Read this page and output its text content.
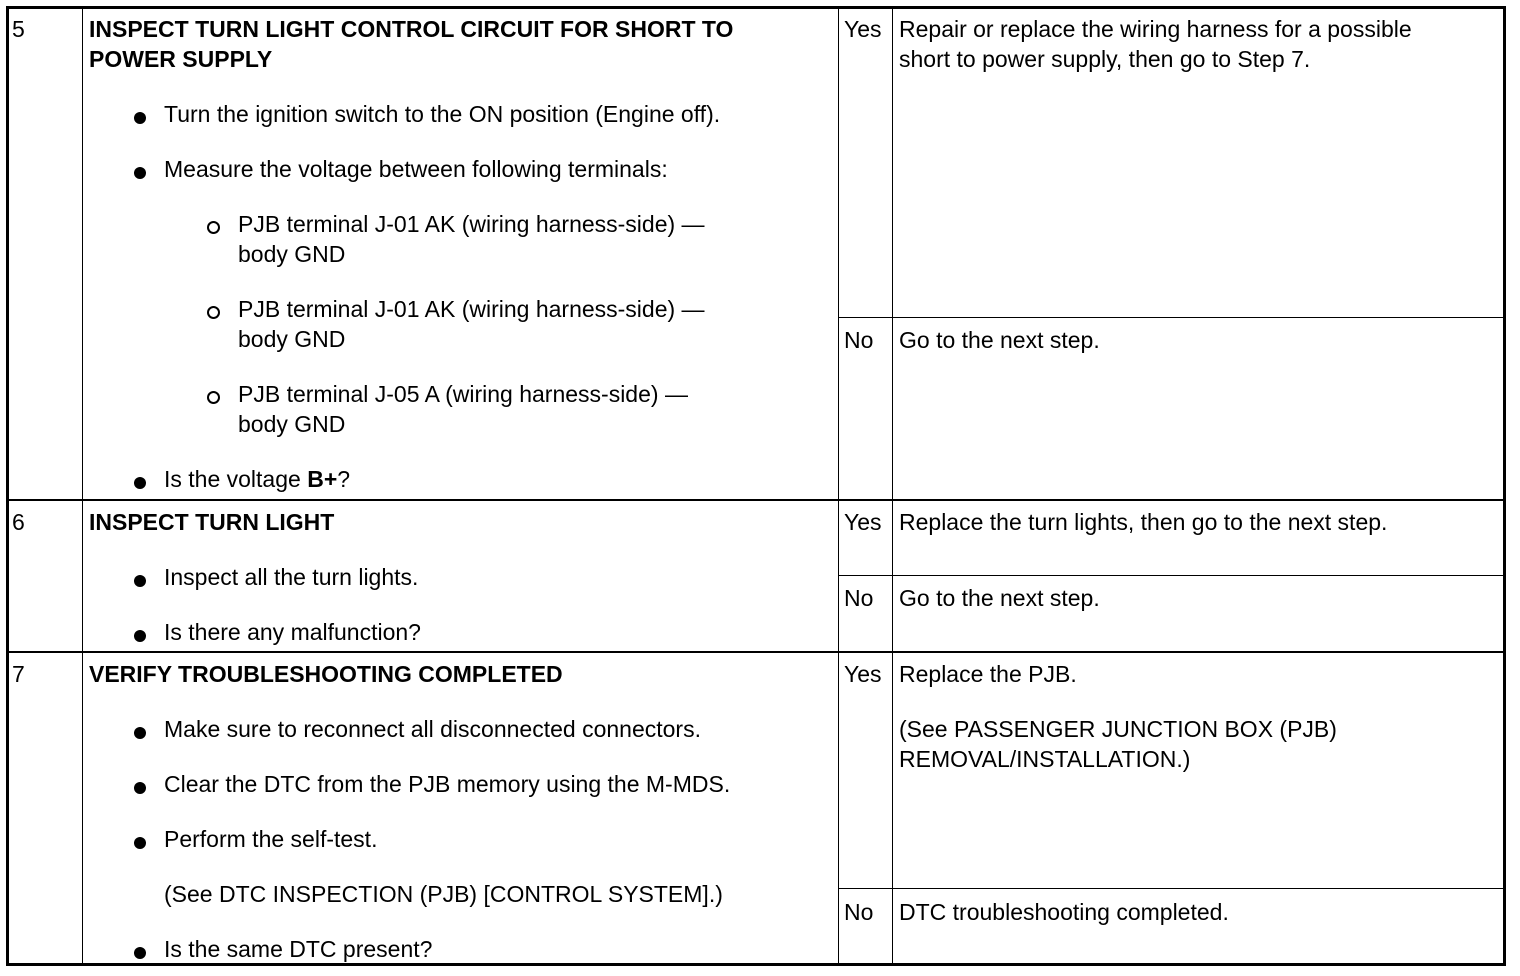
5	INSPECT TURN LIGHT CONTROL CIRCUIT FOR SHORT TO
POWER SUPPLY
Turn the ignition switch to the ON position (Engine off).
Measure the voltage between following terminals:
PJB terminal J-01 AK (wiring harness-side) —
body GND
PJB terminal J-01 AK (wiring harness-side) —
body GND
PJB terminal J-05 A (wiring harness-side) —
body GND
Is the voltage B+?
Yes Repair or replace the wiring harness for a possible
short to power supply, then go to Step 7.
No Go to the next step.
6	INSPECT TURN LIGHT
Inspect all the turn lights.
Is there any malfunction?
Yes Replace the turn lights, then go to the next step.
No Go to the next step.
7	VERIFY TROUBLESHOOTING COMPLETED
Make sure to reconnect all disconnected connectors.
Clear the DTC from the PJB memory using the M-MDS.
Perform the self-test.
(See DTC INSPECTION (PJB) [CONTROL SYSTEM].)
Is the same DTC present?
Yes Replace the PJB.
(See PASSENGER JUNCTION BOX (PJB)
REMOVAL/INSTALLATION.)
No DTC troubleshooting completed.
